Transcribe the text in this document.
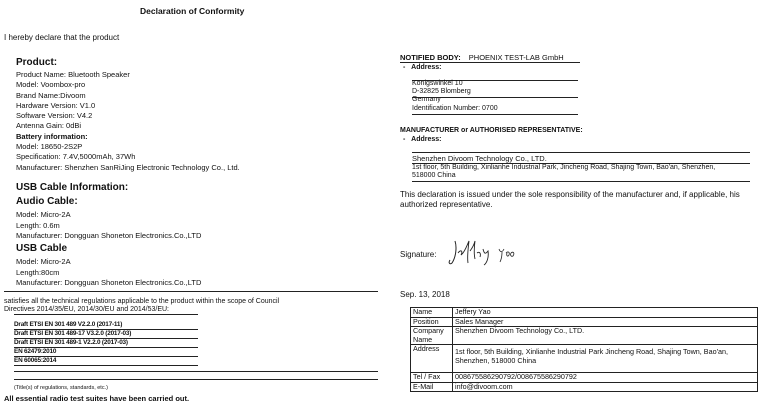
Declaration of Conformity
I hereby declare that the product
Product:
Product Name: Bluetooth Speaker
Model: Voombox-pro
Brand Name:Divoom
Hardware Version: V1.0
Software Version: V4.2
Antenna Gain: 0dBi
Battery information:
Model: 18650-2S2P
Specification: 7.4V,5000mAh, 37Wh
Manufacturer: Shenzhen SanRiJing Electronic Technology Co., Ltd.
USB Cable Information:
Audio Cable:
Model: Micro-2A
Length: 0.6m
Manufacturer: Dongguan Shoneton Electronics.Co.,LTD
USB Cable
Model: Micro-2A
Length:80cm
Manufacturer: Dongguan Shoneton Electronics.Co.,LTD
satisfies all the technical regulations applicable to the product within the scope of Council
Directives 2014/35/EU, 2014/30/EU and 2014/53/EU:
Draft ETSI EN 301 489 V2.2.0 (2017-11)
Draft ETSI EN 301 489-17 V3.2.0 (2017-03)
Draft ETSI EN 301 489-1 V2.2.0 (2017-03)
EN 62479:2010
EN 60065:2014
(Title(s) of regulations, standards, etc.)
All essential radio test suites have been carried out.
NOTIFIED BODY: PHOENIX TEST-LAB GmbH
-   Address:
Königswinkel 10
D-32825 Blomberg
Germany
Identification Number: 0700
MANUFACTURER or AUTHORISED REPRESENTATIVE:
-   Address:
Shenzhen Divoom Technology Co., LTD.
1st floor, 5th Building, Xinlianhe Industrial Park, Jincheng Road, Shajing Town, Bao'an, Shenzhen,
518000 China
This declaration is issued under the sole responsibility of the manufacturer and, if applicable, his
authorized representative.
Signature:
Sep. 13, 2018
Name	Jeffery Yao
Position	Sales Manager
Company Name	Shenzhen Divoom Technology Co., LTD.
Address	1st floor, 5th Building, Xinlianhe Industrial Park Jincheng Road, Shajing Town, Bao'an, Shenzhen, 518000 China
Tel / Fax	008675586290792/008675586290792
E-Mail	info@divoom.com
